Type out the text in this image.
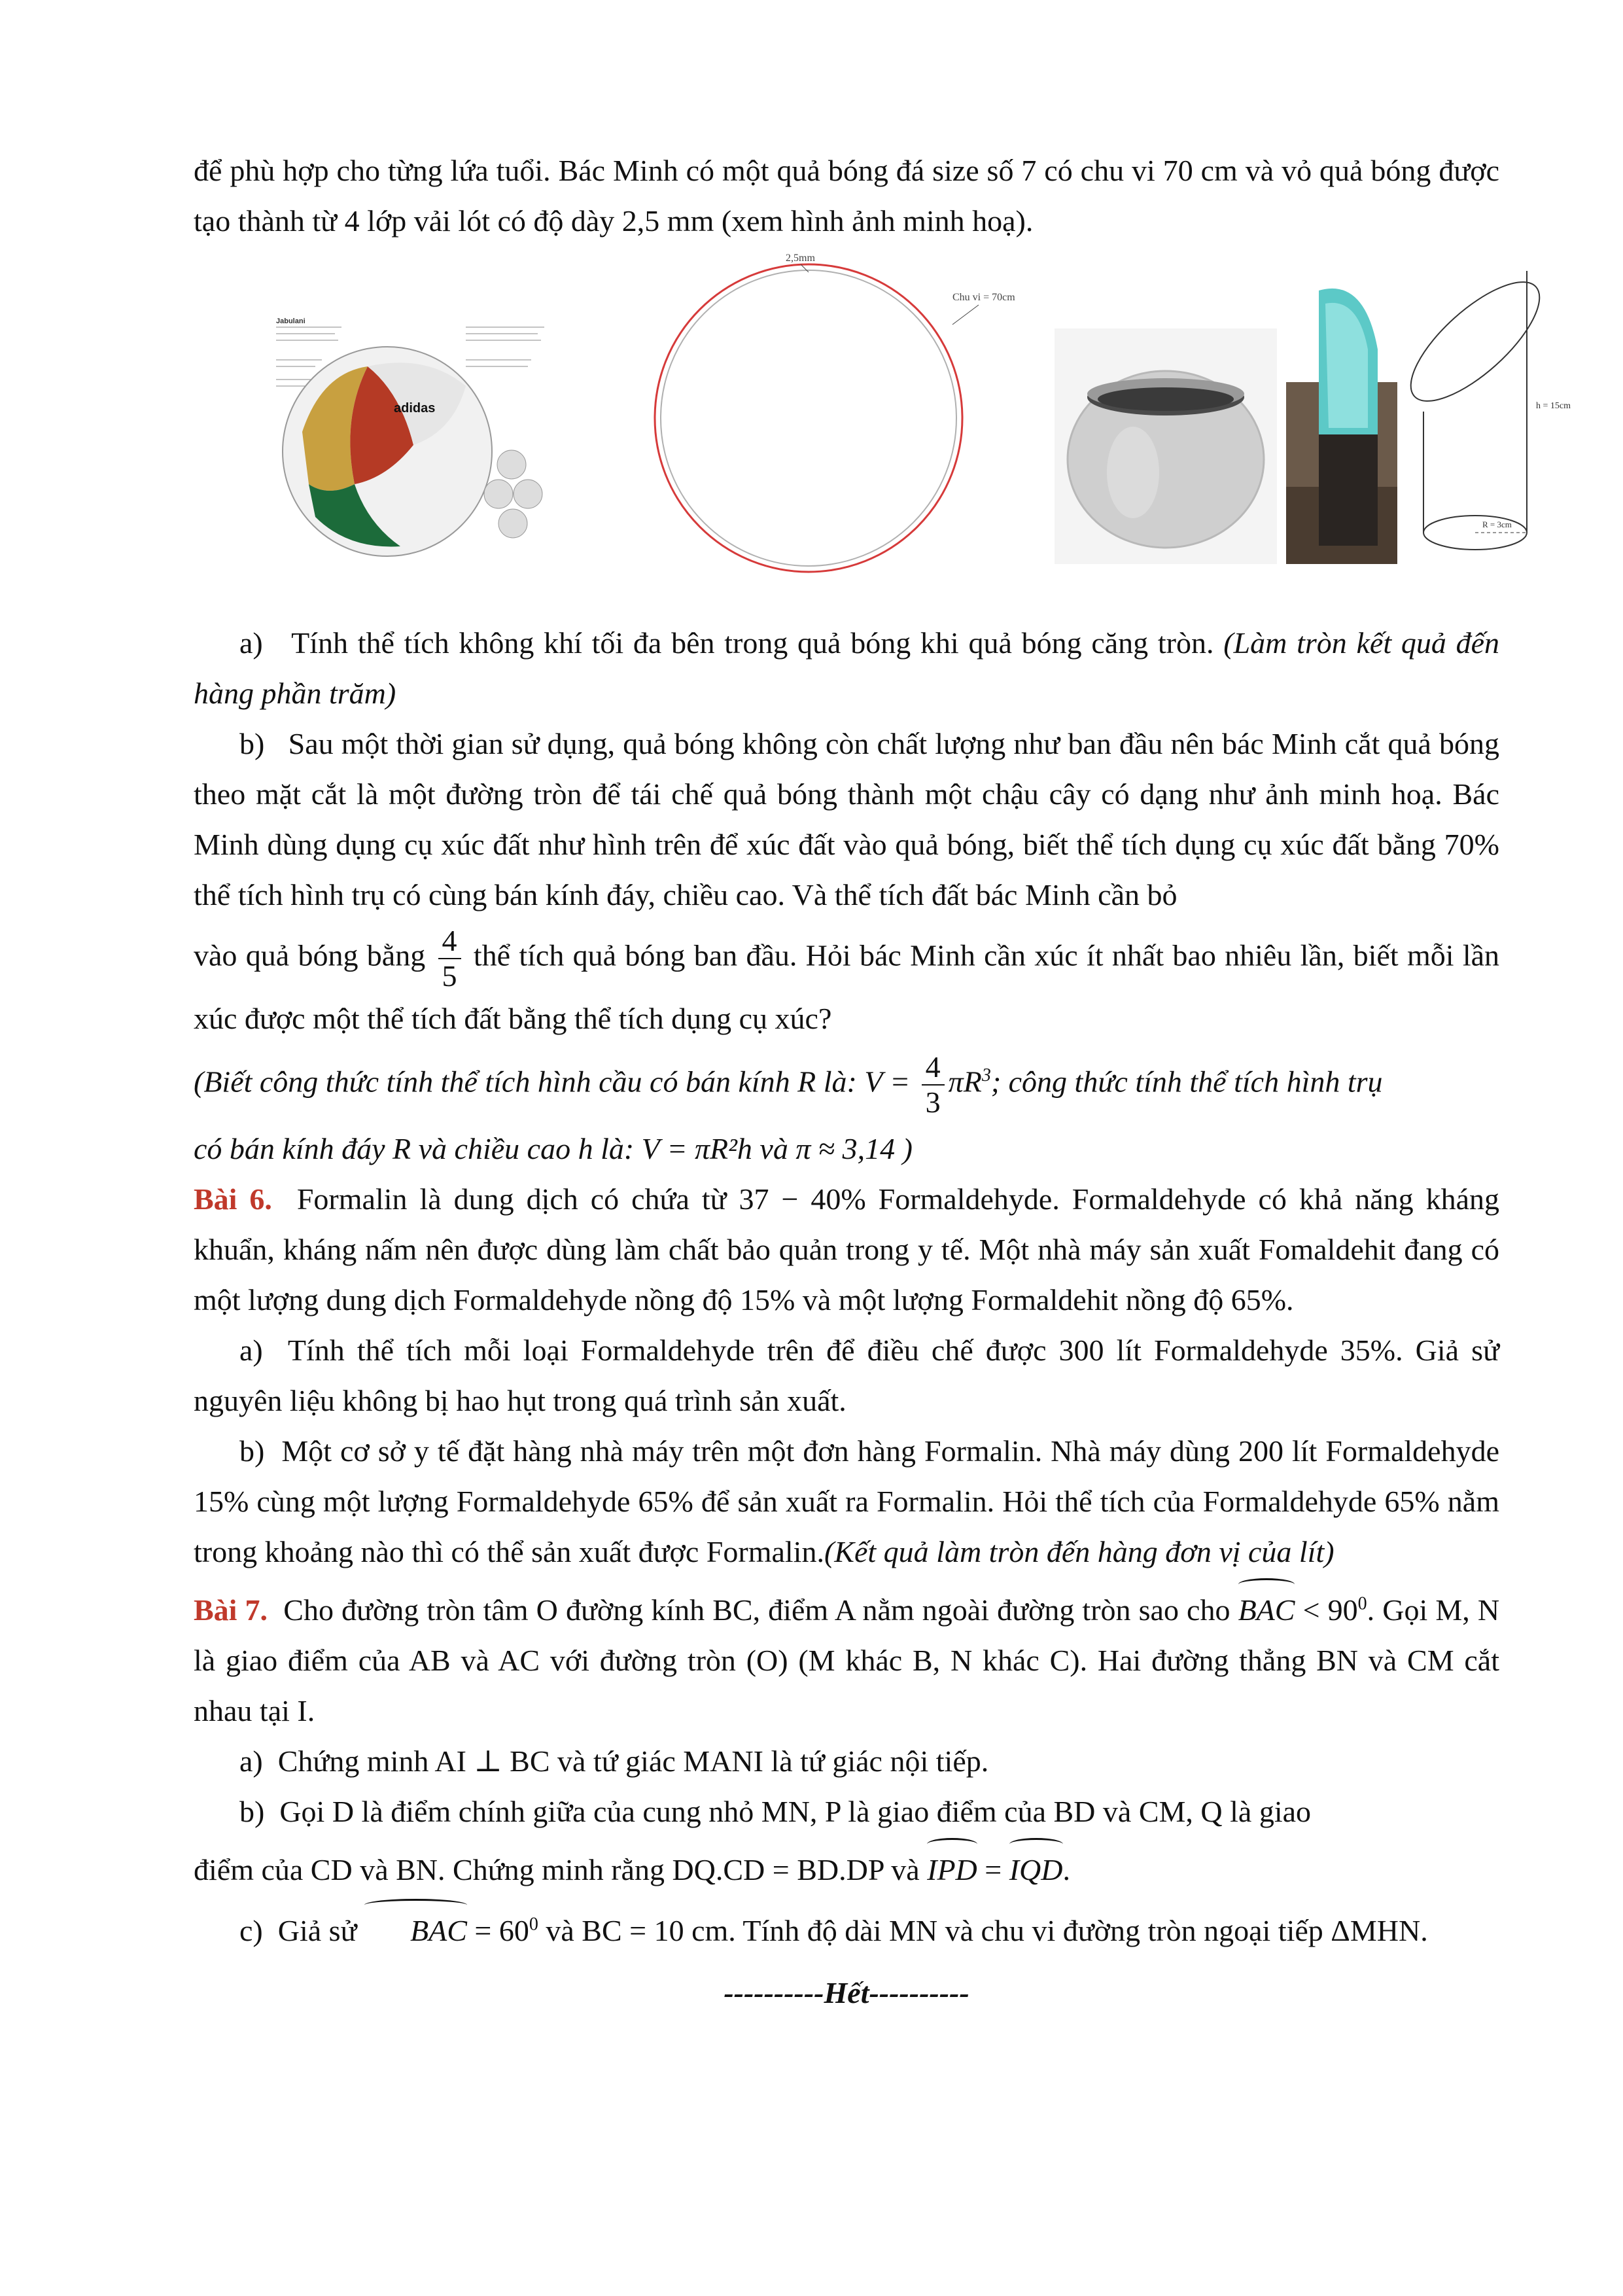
để phù hợp cho từng lứa tuổi. Bác Minh có một quả bóng đá size số 7 có chu vi 70 cm và vỏ quả bóng được tạo thành từ 4 lớp vải lót có độ dày 2,5 mm (xem hình ảnh minh hoạ).

Jabulani
adidas
2,5mm
Chu vi = 70cm
h = 15cm
R = 3cm

a) Tính thể tích không khí tối đa bên trong quả bóng khi quả bóng căng tròn. (Làm tròn kết quả đến hàng phần trăm)

b) Sau một thời gian sử dụng, quả bóng không còn chất lượng như ban đầu nên bác Minh cắt quả bóng theo mặt cắt là một đường tròn để tái chế quả bóng thành một chậu cây có dạng như ảnh minh hoạ. Bác Minh dùng dụng cụ xúc đất như hình trên để xúc đất vào quả bóng, biết thể tích dụng cụ xúc đất bằng 70% thể tích hình trụ có cùng bán kính đáy, chiều cao. Và thể tích đất bác Minh cần bỏ

vào quả bóng bằng $\frac{4}{5}$ thể tích quả bóng ban đầu. Hỏi bác Minh cần xúc ít nhất bao nhiêu lần, biết mỗi lần xúc được một thể tích đất bằng thể tích dụng cụ xúc?

(Biết công thức tính thể tích hình cầu có bán kính R là: $V = \frac{4}{3} \pi R^3$; công thức tính thể tích hình trụ

có bán kính đáy R và chiều cao h là: V = πR²h và π ≈ 3,14 )

Bài 6. Formalin là dung dịch có chứa từ 37 − 40% Formaldehyde. Formaldehyde có khả năng kháng khuẩn, kháng nấm nên được dùng làm chất bảo quản trong y tế. Một nhà máy sản xuất Fomaldehit đang có một lượng dung dịch Formaldehyde nồng độ 15% và một lượng Formaldehit nồng độ 65%.

a) Tính thể tích mỗi loại Formaldehyde trên để điều chế được 300 lít Formaldehyde 35%. Giả sử nguyên liệu không bị hao hụt trong quá trình sản xuất.

b) Một cơ sở y tế đặt hàng nhà máy trên một đơn hàng Formalin. Nhà máy dùng 200 lít Formaldehyde 15% cùng một lượng Formaldehyde 65% để sản xuất ra Formalin. Hỏi thể tích của Formaldehyde 65% nằm trong khoảng nào thì có thể sản xuất được Formalin.(Kết quả làm tròn đến hàng đơn vị của lít)

Bài 7. Cho đường tròn tâm O đường kính BC, điểm A nằm ngoài đường tròn sao cho BAC < $90^0$. Gọi M, N là giao điểm của AB và AC với đường tròn (O) (M khác B, N khác C). Hai đường thẳng BN và CM cắt nhau tại I.

a) Chứng minh AI ⊥ BC và tứ giác MANI là tứ giác nội tiếp.

b) Gọi D là điểm chính giữa của cung nhỏ MN, P là giao điểm của BD và CM, Q là giao

điểm của CD và BN. Chứng minh rằng DQ.CD = BD.DP và IPD = IQD.

c) Giả sử BAC = $60^0$ và BC = 10 cm. Tính độ dài MN và chu vi đường tròn ngoại tiếp ΔMHN.

----------Hết----------
